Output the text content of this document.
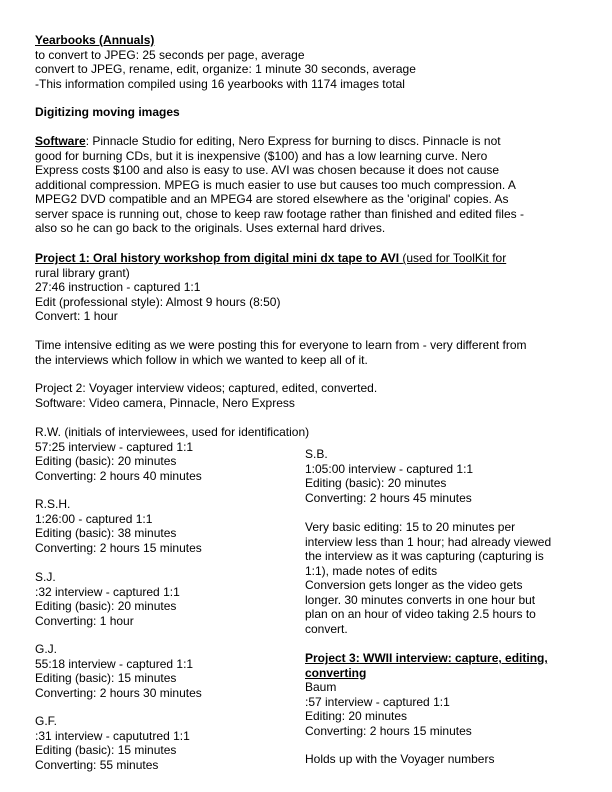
Yearbooks (Annuals)
to convert to JPEG: 25 seconds per page, average
convert to JPEG, rename, edit, organize: 1 minute 30 seconds, average
-This information compiled using 16 yearbooks with 1174 images total
Digitizing moving images
Software: Pinnacle Studio for editing, Nero Express for burning to discs. Pinnacle is not
good for burning CDs, but it is inexpensive ($100) and has a low learning curve. Nero
Express costs $100 and also is easy to use. AVI was chosen because it does not cause
additional compression. MPEG is much easier to use but causes too much compression. A
MPEG2 DVD compatible and an MPEG4 are stored elsewhere as the 'original' copies. As
server space is running out, chose to keep raw footage rather than finished and edited files -
also so he can go back to the originals. Uses external hard drives.
Project 1: Oral history workshop from digital mini dx tape to AVI (used for ToolKit for
rural library grant)
27:46 instruction - captured 1:1
Edit (professional style): Almost 9 hours (8:50)
Convert: 1 hour
Time intensive editing as we were posting this for everyone to learn from - very different from
the interviews which follow in which we wanted to keep all of it.
Project 2: Voyager interview videos; captured, edited, converted.
Software: Video camera, Pinnacle, Nero Express
R.W. (initials of interviewees, used for identification)
57:25 interview - captured 1:1
Editing (basic): 20 minutes
Converting: 2 hours 40 minutes
R.S.H.
1:26:00 - captured 1:1
Editing (basic): 38 minutes
Converting: 2 hours 15 minutes
S.J.
:32 interview - captured 1:1
Editing (basic): 20 minutes
Converting: 1 hour
G.J.
55:18 interview - captured 1:1
Editing (basic): 15 minutes
Converting: 2 hours 30 minutes
G.F.
:31 interview - capututred 1:1
Editing (basic): 15 minutes
Converting: 55 minutes
S.B.
1:05:00 interview - captured 1:1
Editing (basic): 20 minutes
Converting: 2 hours 45 minutes
Very basic editing: 15 to 20 minutes per
interview less than 1 hour; had already viewed
the interview as it was capturing (capturing is
1:1), made notes of edits
Conversion gets longer as the video gets
longer. 30 minutes converts in one hour but
plan on an hour of video taking 2.5 hours to
convert.
Project 3: WWII interview: capture, editing,
converting
Baum
:57 interview - captured 1:1
Editing: 20 minutes
Converting: 2 hours 15 minutes
Holds up with the Voyager numbers
